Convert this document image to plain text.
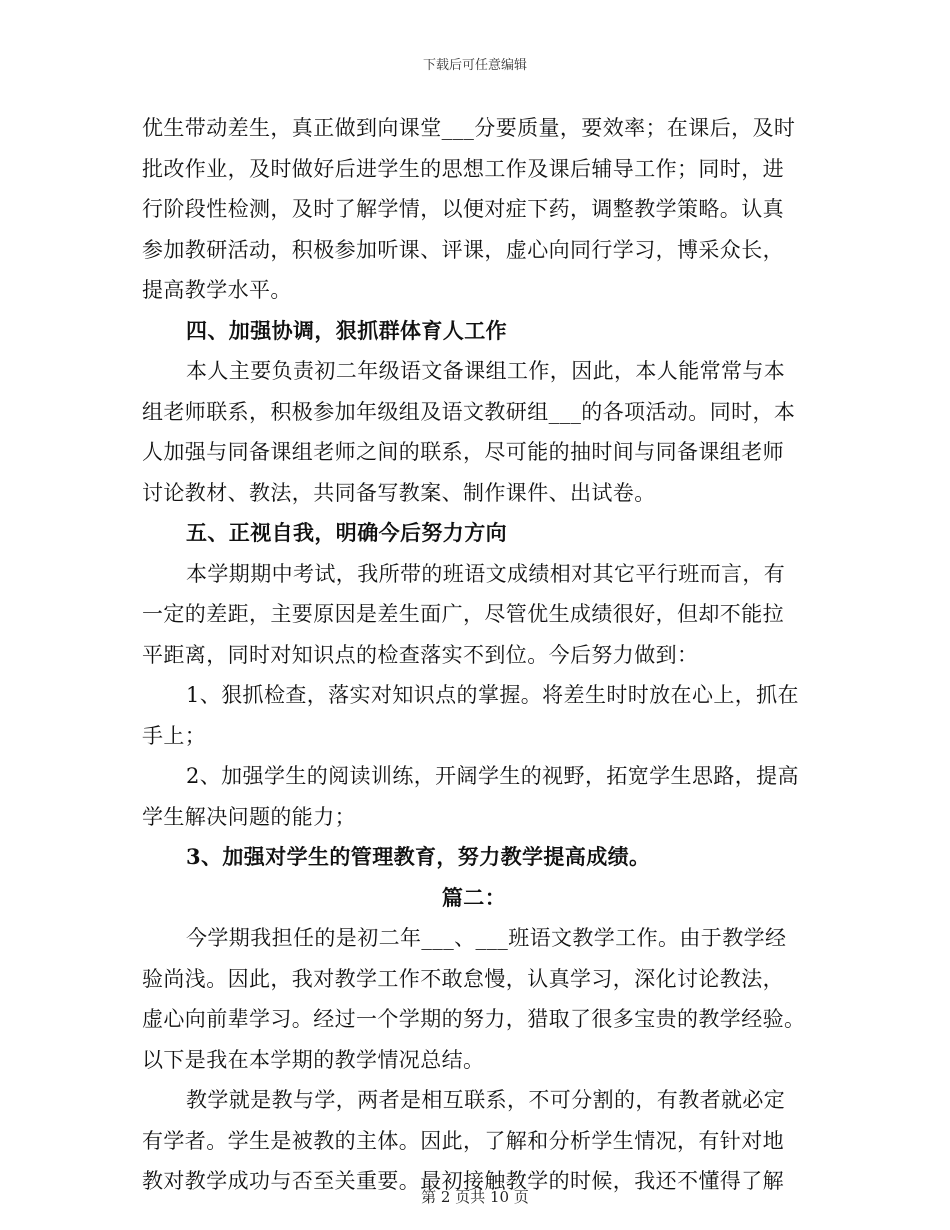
下载后可任意编辑
优生带动差生，真正做到向课堂___分要质量，要效率；在课后，及时
批改作业，及时做好后进学生的思想工作及课后辅导工作；同时，进
行阶段性检测，及时了解学情，以便对症下药，调整教学策略。认真
参加教研活动，积极参加听课、评课，虚心向同行学习，博采众长，
提高教学水平。
四、加强协调，狠抓群体育人工作
本人主要负责初二年级语文备课组工作，因此，本人能常常与本
组老师联系，积极参加年级组及语文教研组___的各项活动。同时，本
人加强与同备课组老师之间的联系，尽可能的抽时间与同备课组老师
讨论教材、教法，共同备写教案、制作课件、出试卷。
五、正视自我，明确今后努力方向
本学期期中考试，我所带的班语文成绩相对其它平行班而言，有
一定的差距，主要原因是差生面广，尽管优生成绩很好，但却不能拉
平距离，同时对知识点的检查落实不到位。今后努力做到：
1、狠抓检查，落实对知识点的掌握。将差生时时放在心上，抓在
手上；
2、加强学生的阅读训练，开阔学生的视野，拓宽学生思路，提高
学生解决问题的能力；
3、加强对学生的管理教育，努力教学提高成绩。
篇二：
今学期我担任的是初二年___、___班语文教学工作。由于教学经
验尚浅。因此，我对教学工作不敢怠慢，认真学习，深化讨论教法，
虚心向前辈学习。经过一个学期的努力，猎取了很多宝贵的教学经验。
以下是我在本学期的教学情况总结。
教学就是教与学，两者是相互联系，不可分割的，有教者就必定
有学者。学生是被教的主体。因此，了解和分析学生情况，有针对地
教对教学成功与否至关重要。最初接触教学的时候，我还不懂得了解
第 2 页共 10 页
